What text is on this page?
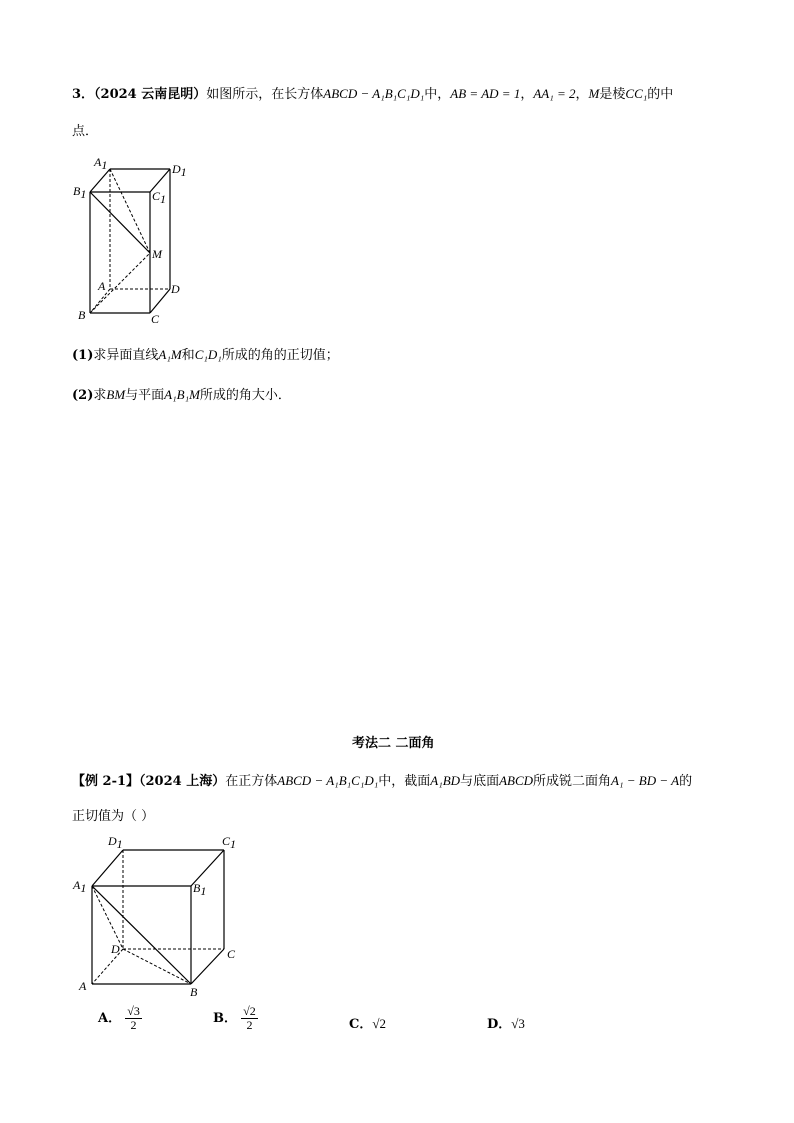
3．（2024 云南昆明）如图所示，在长方体ABCD − A₁B₁C₁D₁中，AB = AD = 1，AA₁ = 2，M是棱CC₁的中
点．
A1	D1
B1	C1
M
A	D
B	C
(1)求异面直线A₁M和C₁D₁所成的角的正切值；
(2)求BM与平面A₁B₁M所成的角大小．
考法二 二面角
【例 2-1】（2024 上海）在正方体ABCD − A₁B₁C₁D₁中，截面A₁BD与底面ABCD所成锐二面角A₁ − BD − A的
正切值为（ ）
D1	C1
A1	B1
D	C
A	B
A． $\frac{√3}{2}$	B． $\frac{√2}{2}$	C．√2	D．√3
